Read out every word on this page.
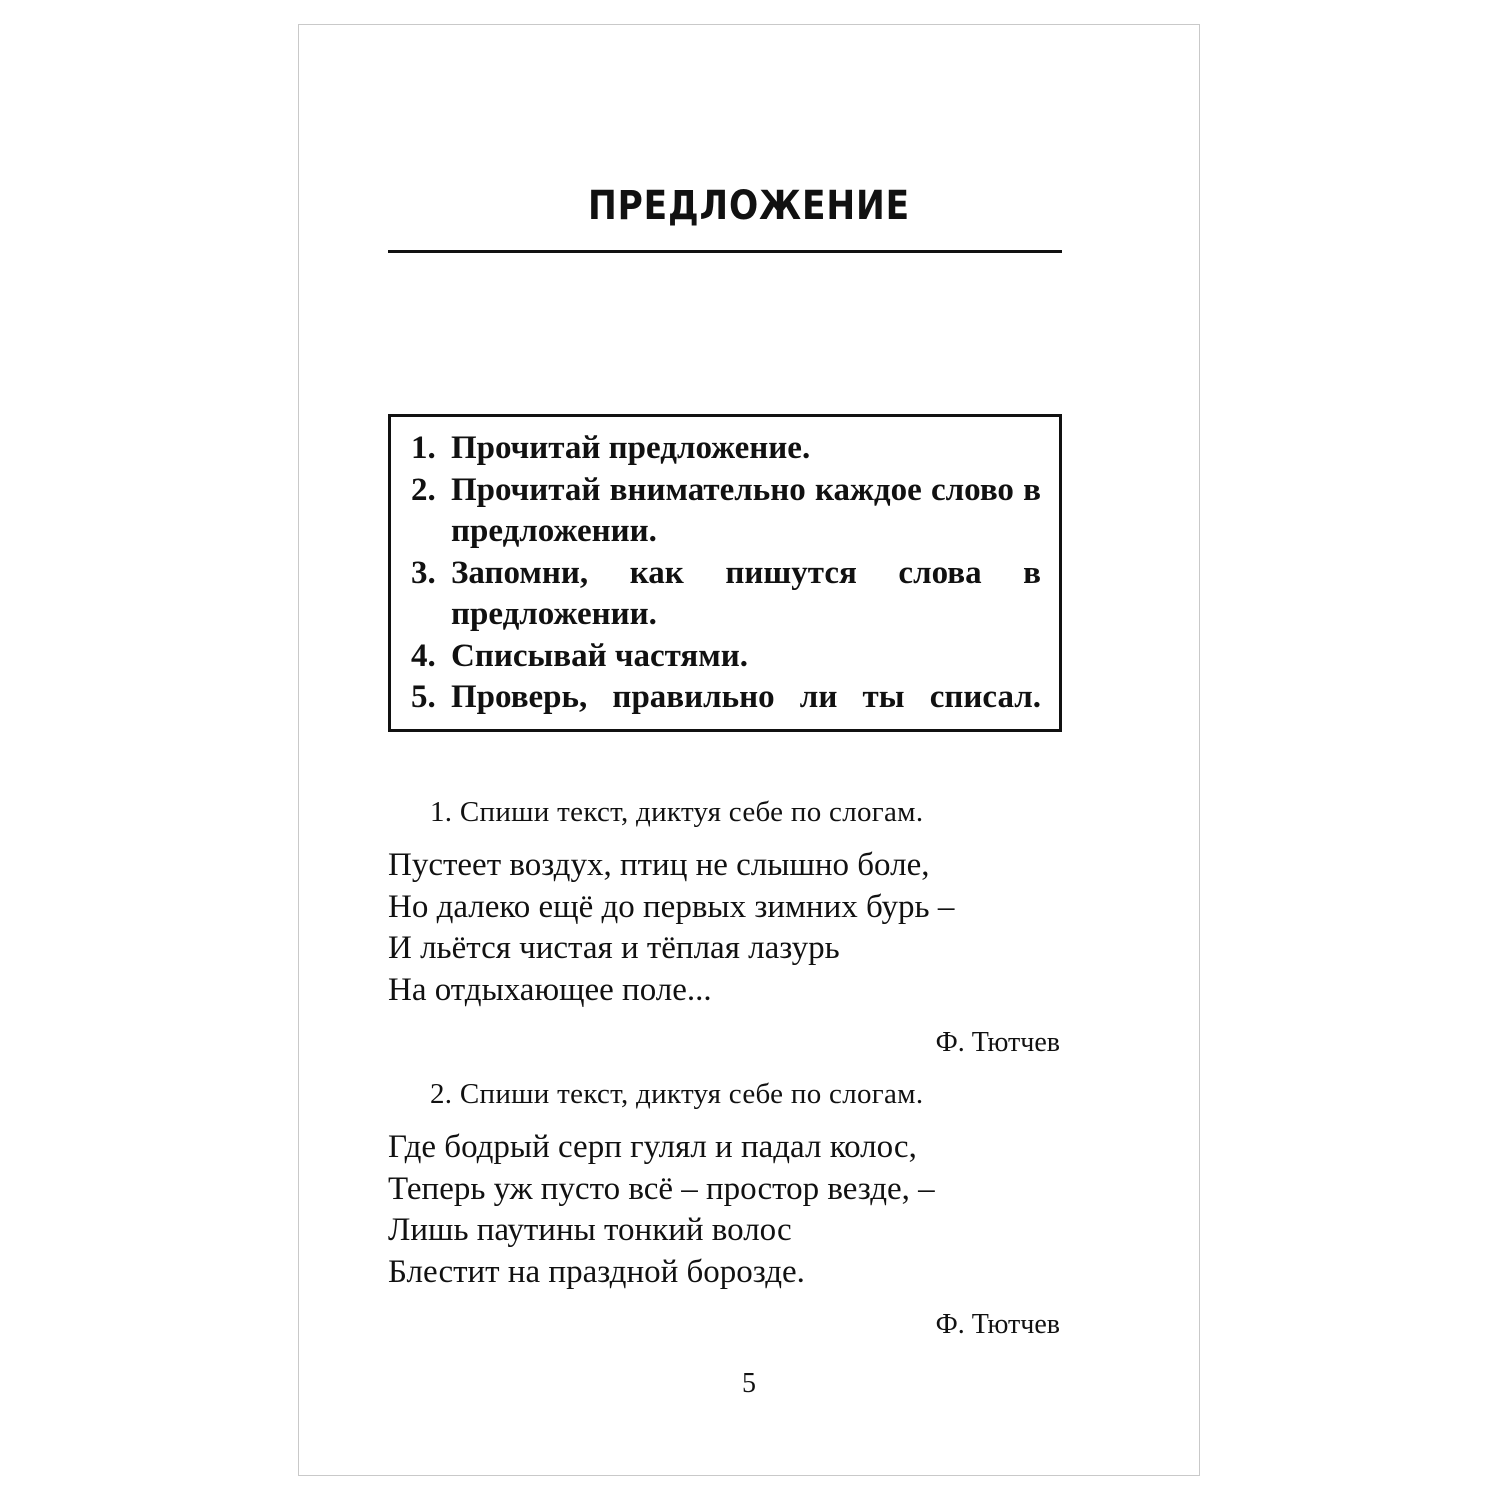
ПРЕДЛОЖЕНИЕ
1. Прочитай предложение.
2. Прочитай внимательно каждое слово в предложении.
3. Запомни, как пишутся слова в предложении.
4. Списывай частями.
5. Проверь, правильно ли ты списал.
1. Спиши текст, диктуя себе по слогам.
Пустеет воздух, птиц не слышно боле,
Но далеко ещё до первых зимних бурь –
И льётся чистая и тёплая лазурь
На отдыхающее поле...
Ф. Тютчев
2. Спиши текст, диктуя себе по слогам.
Где бодрый серп гулял и падал колос,
Теперь уж пусто всё – простор везде, –
Лишь паутины тонкий волос
Блестит на праздной борозде.
Ф. Тютчев
5
